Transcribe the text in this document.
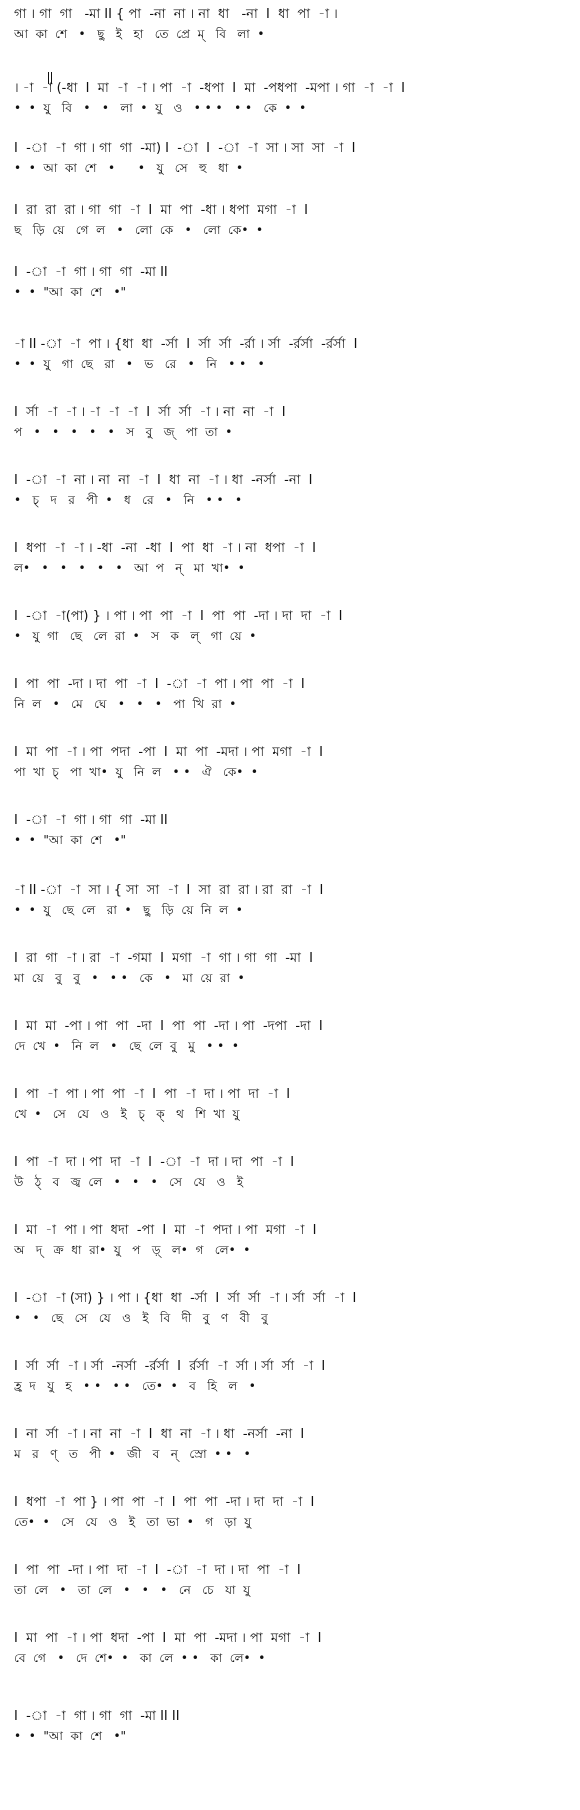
গা । গা  গা   -মা II { পা  -না  না । না  ধা   -না  I  ধা  পা  -া ।
আ  কা  শে   •   ছু   ই   হা   তে  প্রে  ম্   বি   লা  •
। -া  -া (-ধা  I  মা  -া  -া । পা  -া  -ধপা  I  মা  -পধপা  -মপা । গা  -া  -া  I
•  •  যু   বি   •   •   লা  •  যু   ও   • • •   • •   কে  •  •
I  -া  -া  গা । গা  গা  -মা) I  -া  I  -া  -া  সা । সা  সা  -া  I
•  •  আ  কা  শে   •      •   যু   সে   হু   ধা  •
I  রা  রা  রা । গা  গা  -া  I  মা  পা  -ধা । ধপা  মগা  -া  I
ছ   ড়ি  য়ে   গে  ল   •   লো  কে   •   লো  কে•  •
I  -া  -া  গা । গা  গা  -মা II
•  •  "আ  কা  শে   •"
-া II -া  -া  পা । {ধা  ধা  -র্সা  I  র্সা  র্সা  -র্রা । র্সা  -র্রর্সা  -র্রর্সা  I
•  •  যু   গা  ছে   রা   •   ভ   রে   •   নি   • •   •
I  র্সা  -া  -া । -া  -া  -া  I  র্সা  র্সা  -া । না  না  -া  I
প   •   •   •   •   •   স   বু   জ্   পা  তা  •
I  -া  -া  না । না  না  -া  I  ধা  না  -া । ধা  -নর্সা  -না  I
•   চ্   দ   র   পী  •   ধ   রে   •   নি   • •   •
I  ধপা  -া  -া । -ধা  -না  -ধা  I  পা  ধা  -া । না  ধপা  -া  I
ল•   •   •   •   •   •   আ  প   ন্   মা  খা•  •
I  -া  -া(পা) } । পা । পা  পা  -া  I  পা  পা  -দা । দা  দা  -া  I
•   যু  গা   ছে   লে  রা  •   স   ক   ল্   গা  য়ে  •
I  পা  পা  -দা । দা  পা  -া  I  -া  -া  পা । পা  পা  -া  I
নি  ল   •   মে   ঘে   •   •   •   পা  খি  রা  •
I  মা  পা  -া । পা  পদা  -পা  I  মা  পা  -মদা । পা  মগা  -া  I
পা  খা  চ্   পা  খা•  যু   নি  ল   • •   ঐ   কে•  •
I  -া  -া  গা । গা  গা  -মা II
•  •  "আ  কা  শে   •"
-া II -া  -া  সা । { সা  সা  -া  I  সা  রা  রা । রা  রা  -া  I
•  •  যু   ছে  লে   রা  •   ছু   ড়ি  য়ে  নি  ল  •
I  রা  গা  -া । রা  -া  -গমা  I  মগা  -া  গা । গা  গা  -মা  I
মা  য়ে   বু   বু   •   • •   কে   •   মা  য়ে  রা  •
I  মা  মা  -পা । পা  পা  -দা  I  পা  পা  -দা । পা  -দপা  -দা  I
দে  খে  •   নি  ল   •   ছে  লে  বু   মু   • •  •
I  পা  -া  পা । পা  পা  -া  I  পা  -া  দা । পা  দা  -া  I
খে  •   সে   যে   ও   ই   চ্   ক্   থ   শি  খা  যু
I  পা  -া  দা । পা  দা  -া  I  -া  -া  দা । দা  পা  -া  I
উ   ঠ্   ব   জ্ব  লে   •   •   •   সে   যে   ও   ই
I  মা  -া  পা । পা  ধদা  -পা  I  মা  -া  পদা । পা  মগা  -া  I
অ   দ্   ক্র  ধা  রা•  যু   প   ড়্   ল•  গ   লে•  •
I  -া  -া (সা) } । পা । {ধা  ধা  -র্সা  I  র্সা  র্সা  -া । র্সা  র্সা  -া  I
•   •   ছে   সে   যে   ও   ই   বি   দী   বু   ণ   বী   বু
I  র্সা  র্সা  -া । র্সা  -নর্সা  -র্রর্সা  I  র্রর্সা  -া  র্সা । র্সা  র্সা  -া  I
হ্র  দ   যু   হ   • •   • •   তে•  •   ব   হি   ল   •
I  না  র্সা  -া । না  না  -া  I  ধা  না  -া । ধা  -নর্সা  -না  I
ম   র   ণ্   ত   পী  •   জী   ব   ন্   স্রো  • •   •
I  ধপা  -া  পা } । পা  পা  -া  I  পা  পা  -দা । দা  দা  -া  I
তে•  •   সে   যে   ও   ই   তা  ভা  •   গ   ড়া  যু
I  পা  পা  -দা । পা  দা  -া  I  -া  -া  দা । দা  পা  -া  I
তা  লে   •   তা  লে   •   •   •   নে   চে   যা  যু
I  মা  পা  -া । পা  ধদা  -পা  I  মা  পা  -মদা । পা  মগা  -া  I
বে  গে   •   দে  শে•  •   কা  লে  • •   কা  লে•  •
I  -া  -া  গা । গা  গা  -মা II II
•  •  "আ  কা  শে   •"
